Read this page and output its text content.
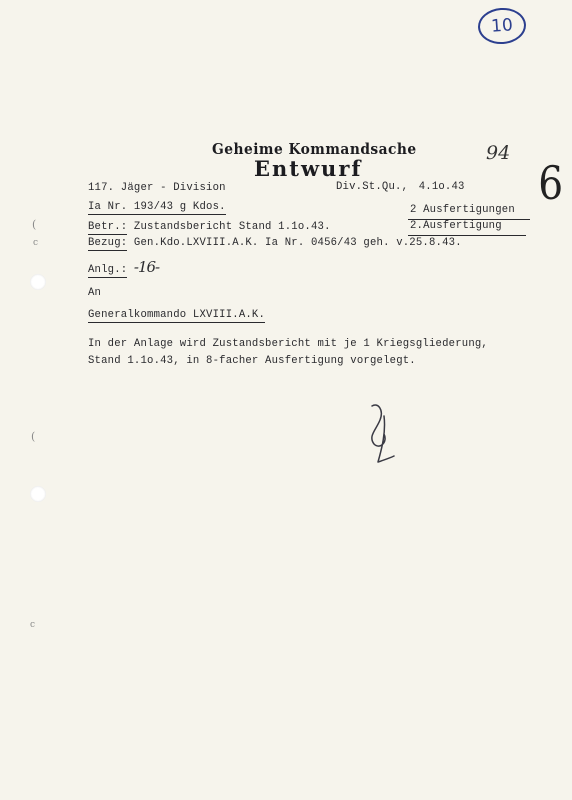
(
c
(
c
10
Geheime Kommandsache
Entwurf
94
6
117. Jäger - Division	Div.St.Qu., 4.1o.43
Ia Nr. 193/43 g Kdos.	2 Ausfertigungen
Betr.: Zustandsbericht Stand 1.1o.43.	2.Ausfertigung
Bezug: Gen.Kdo.LXVIII.A.K. Ia Nr. 0456/43 geh. v.25.8.43.
Anlg.: -16-
An
Generalkommando LXVIII.A.K.
In der Anlage wird Zustandsbericht mit je 1 Kriegsgliederung,
Stand 1.1o.43, in 8-facher Ausfertigung vorgelegt.
